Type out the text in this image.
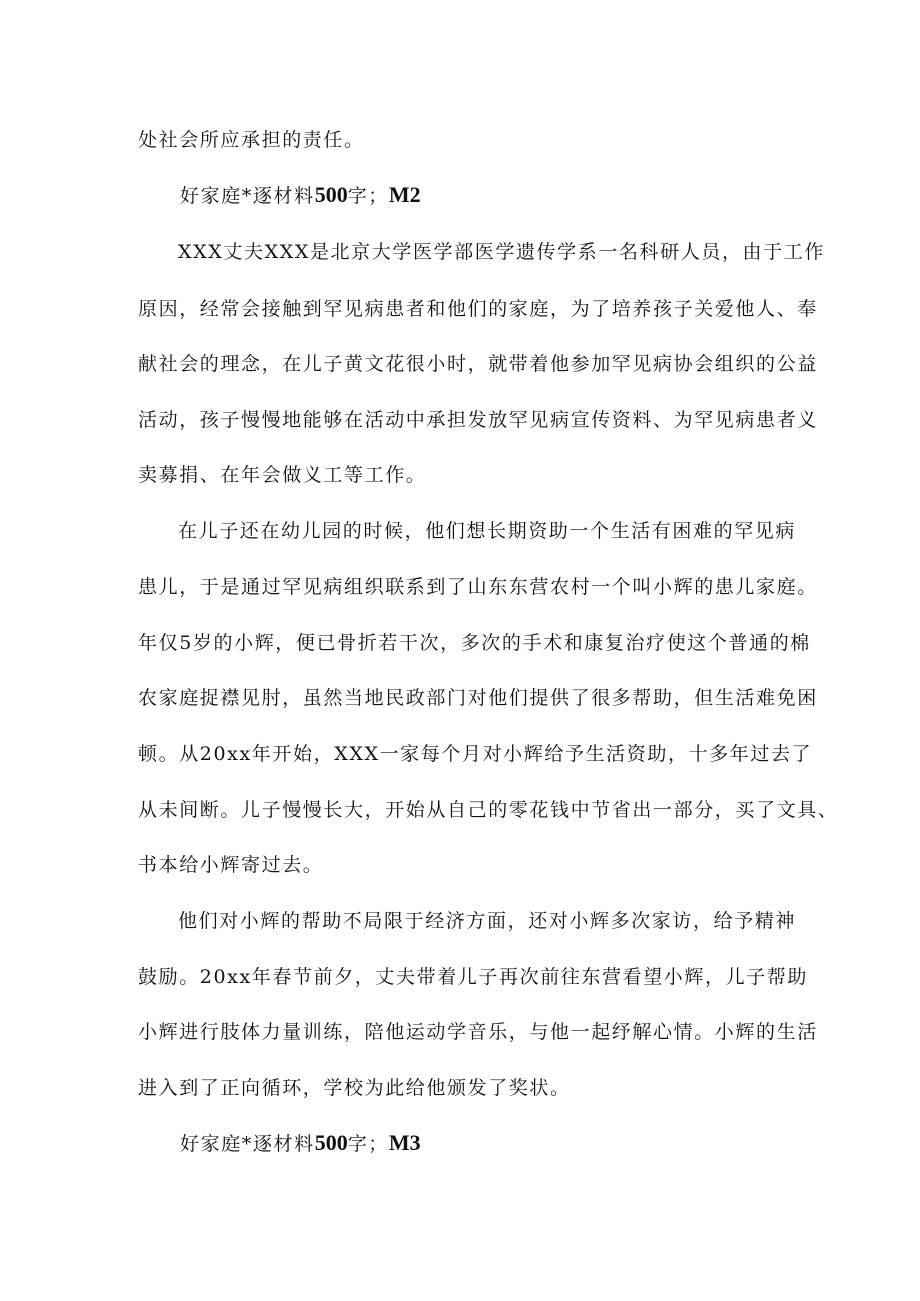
处社会所应承担的责任。
好家庭*逐材料500字；M2
XXX丈夫XXX是北京大学医学部医学遗传学系一名科研人员，由于工作
原因，经常会接触到罕见病患者和他们的家庭，为了培养孩子关爱他人、奉
献社会的理念，在儿子黄文花很小时，就带着他参加罕见病协会组织的公益
活动，孩子慢慢地能够在活动中承担发放罕见病宣传资料、为罕见病患者义
卖募捐、在年会做义工等工作。
在儿子还在幼儿园的时候，他们想长期资助一个生活有困难的罕见病
患儿，于是通过罕见病组织联系到了山东东营农村一个叫小辉的患儿家庭。
年仅5岁的小辉，便已骨折若干次，多次的手术和康复治疗使这个普通的棉
农家庭捉襟见肘，虽然当地民政部门对他们提供了很多帮助，但生活难免困
顿。从20xx年开始，XXX一家每个月对小辉给予生活资助，十多年过去了
从未间断。儿子慢慢长大，开始从自己的零花钱中节省出一部分，买了文具、
书本给小辉寄过去。
他们对小辉的帮助不局限于经济方面，还对小辉多次家访，给予精神
鼓励。20xx年春节前夕，丈夫带着儿子再次前往东营看望小辉，儿子帮助
小辉进行肢体力量训练，陪他运动学音乐，与他一起纾解心情。小辉的生活
进入到了正向循环，学校为此给他颁发了奖状。
好家庭*逐材料500字；M3
